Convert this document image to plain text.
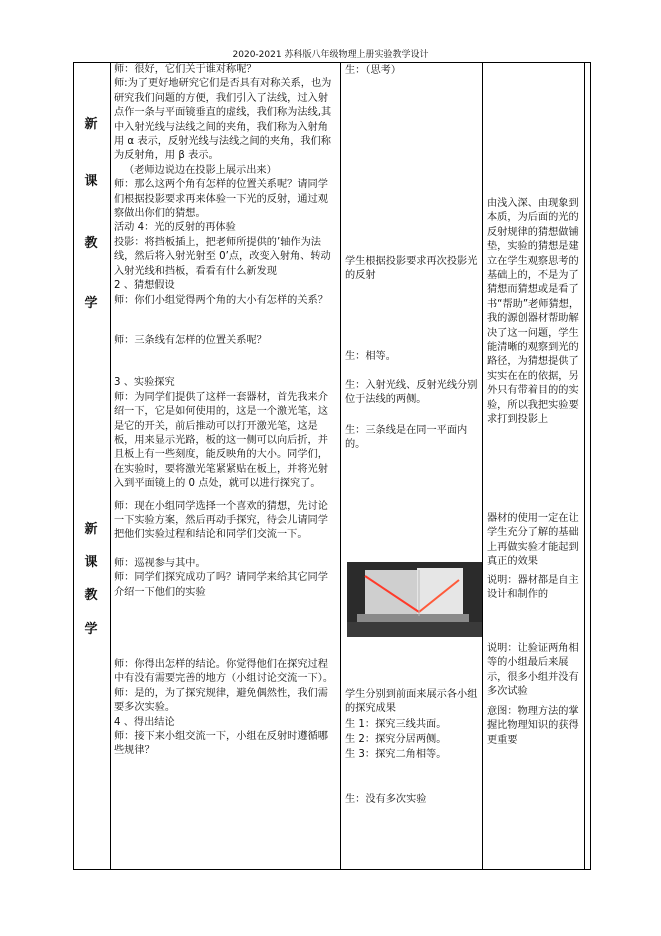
2020-2021 苏科版八年级物理上册实验教学设计
新
课
教
学
新
课
教
学

师：很好，它们关于谁对称呢？

师:为了更好地研究它们是否具有对称关系，也为研究我们问题的方便，我们引入了法线，过入射点作一条与平面镜垂直的虚线，我们称为法线,其中入射光线与法线之间的夹角，我们称为入射角用 α 表示，反射光线与法线之间的夹角，我们称为反射角，用 β 表示。

（老师边说边在投影上展示出来）

师：那么这两个角有怎样的位置关系呢？请同学们根据投影要求再来体验一下光的反射，通过观察做出你们的猜想。

活动 4：光的反射的再体验

投影：将挡板插上，把老师所提供的’轴作为法线，然后将入射光射至 0’点，改变入射角、转动入射光线和挡板，看看有什么新发现

2 、猜想假设

师：你们小组觉得两个角的大小有怎样的关系？

师：三条线有怎样的位置关系呢？

3 、实验探究

师：为同学们提供了这样一套器材，首先我来介绍一下，它是如何使用的，这是一个激光笔，这是它的开关，前后推动可以打开激光笔，这是板，用来显示光路，板的这一侧可以向后折，并且板上有一些刻度，能反映角的大小。同学们，在实验时，要将激光笔紧紧贴在板上，并将光射入到平面镜上的 0 点处，就可以进行探究了。

师：现在小组同学选择一个喜欢的猜想，先讨论一下实验方案，然后再动手探究，待会儿请同学把他们实验过程和结论和同学们交流一下。

师：巡视参与其中。

师：同学们探究成功了吗？请同学来给其它同学介绍一下他们的实验

师：你得出怎样的结论。你觉得他们在探究过程中有没有需要完善的地方（小组讨论交流一下）。

师：是的，为了探究规律，避免偶然性，我们需要多次实验。

4 、得出结论

师：接下来小组交流一下，小组在反射时遵循哪些规律？

生：（思考）
学生根据投影要求再次投影光的反射
生：相等。
生：入射光线、反射光线分别位于法线的两侧。
生：三条线是在同一平面内的。
学生分别到前面来展示各小组的探究成果
生 1：探究三线共面。
生 2：探究分居两侧。
生 3：探究二角相等。
生：没有多次实验
由浅入深、由现象到本质，为后面的光的反射规律的猜想做铺垫，实验的猜想是建立在学生观察思考的基础上的，不是为了猜想而猜想或是看了书“帮助”老师猜想，我的源创器材帮助解决了这一问题，学生能清晰的观察到光的路径，为猜想提供了实实在在的依据，另外只有带着目的的实验，所以我把实验要求打到投影上
器材的使用一定在让学生充分了解的基础上再做实验才能起到真正的效果
说明：器材都是自主设计和制作的
说明：让验证两角相等的小组最后来展示，很多小组并没有多次试验
意图：物理方法的掌握比物理知识的获得更重要
